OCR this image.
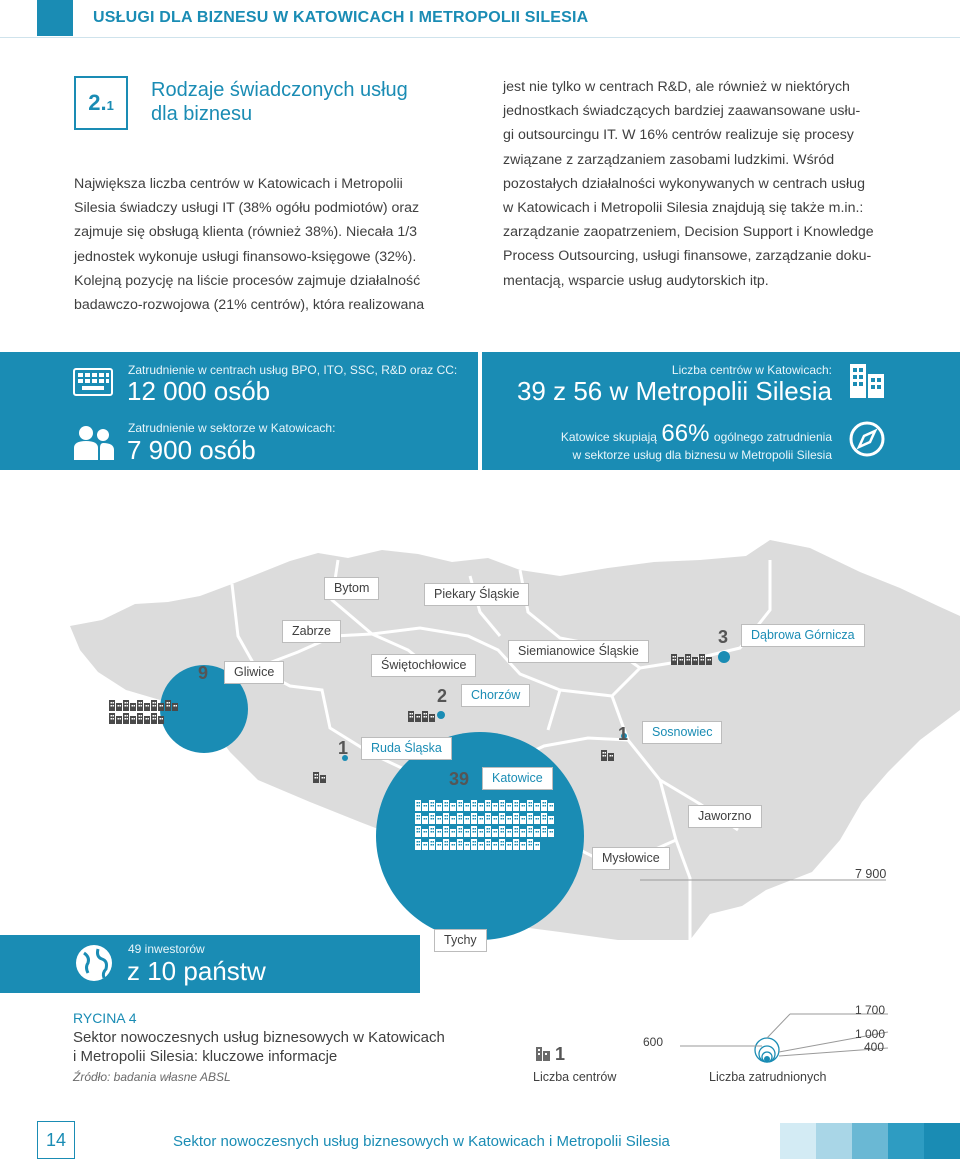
USŁUGI DLA BIZNESU W KATOWICACH I METROPOLII SILESIA
2.1
Rodzaje świadczonych usług dla biznesu

Największa liczba centrów w Katowicach i Metropolii

Silesia świadczy usługi IT (38% ogółu podmiotów) oraz

zajmuje się obsługą klienta (również 38%). Niecała 1/3

jednostek wykonuje usługi finansowo-księgowe (32%).

Kolejną pozycję na liście procesów zajmuje działalność

badawczo-rozwojowa (21% centrów), która realizowana

jest nie tylko w centrach R&D, ale również w niektórych

jednostkach świadczących bardziej zaawansowane usłu-

gi outsourcingu IT. W 16% centrów realizuje się procesy

związane z zarządzaniem zasobami ludzkimi. Wśród

pozostałych działalności wykonywanych w centrach usług

w Katowicach i Metropolii Silesia znajdują się także m.in.:

zarządzanie zaopatrzeniem, Decision Support i Knowledge

Process Outsourcing, usługi finansowe, zarządzanie doku-

mentacją, wsparcie usług audytorskich itp.

Zatrudnienie w centrach usług BPO, ITO, SSC, R&D oraz CC:
12 000 osób
Zatrudnienie w sektorze w Katowicach:
7 900 osób
Liczba centrów w Katowicach:
39 z 56 w Metropolii Silesia
Katowice skupiają 66% ogólnego zatrudnienia
w sektorze usług dla biznesu w Metropolii Silesia
Bytom	Piekary Śląskie
Zabrze
Gliwice	Świętochłowice
Siemianowice Śląskie
Dąbrowa Górnicza
Chorzów
Ruda Śląska
Sosnowiec
Katowice
Jaworzno
Mysłowice
Tychy
9
3
2
1
1
39
7 900
49 inwestorów
z 10 państw
RYCINA 4
Sektor nowoczesnych usług biznesowych w Katowicach
i Metropolii Silesia: kluczowe informacje
Źródło: badania własne ABSL
1
Liczba centrów
1 700
1 000
600	400
Liczba zatrudnionych
14	Sektor nowoczesnych usług biznesowych w Katowicach i Metropolii Silesia
